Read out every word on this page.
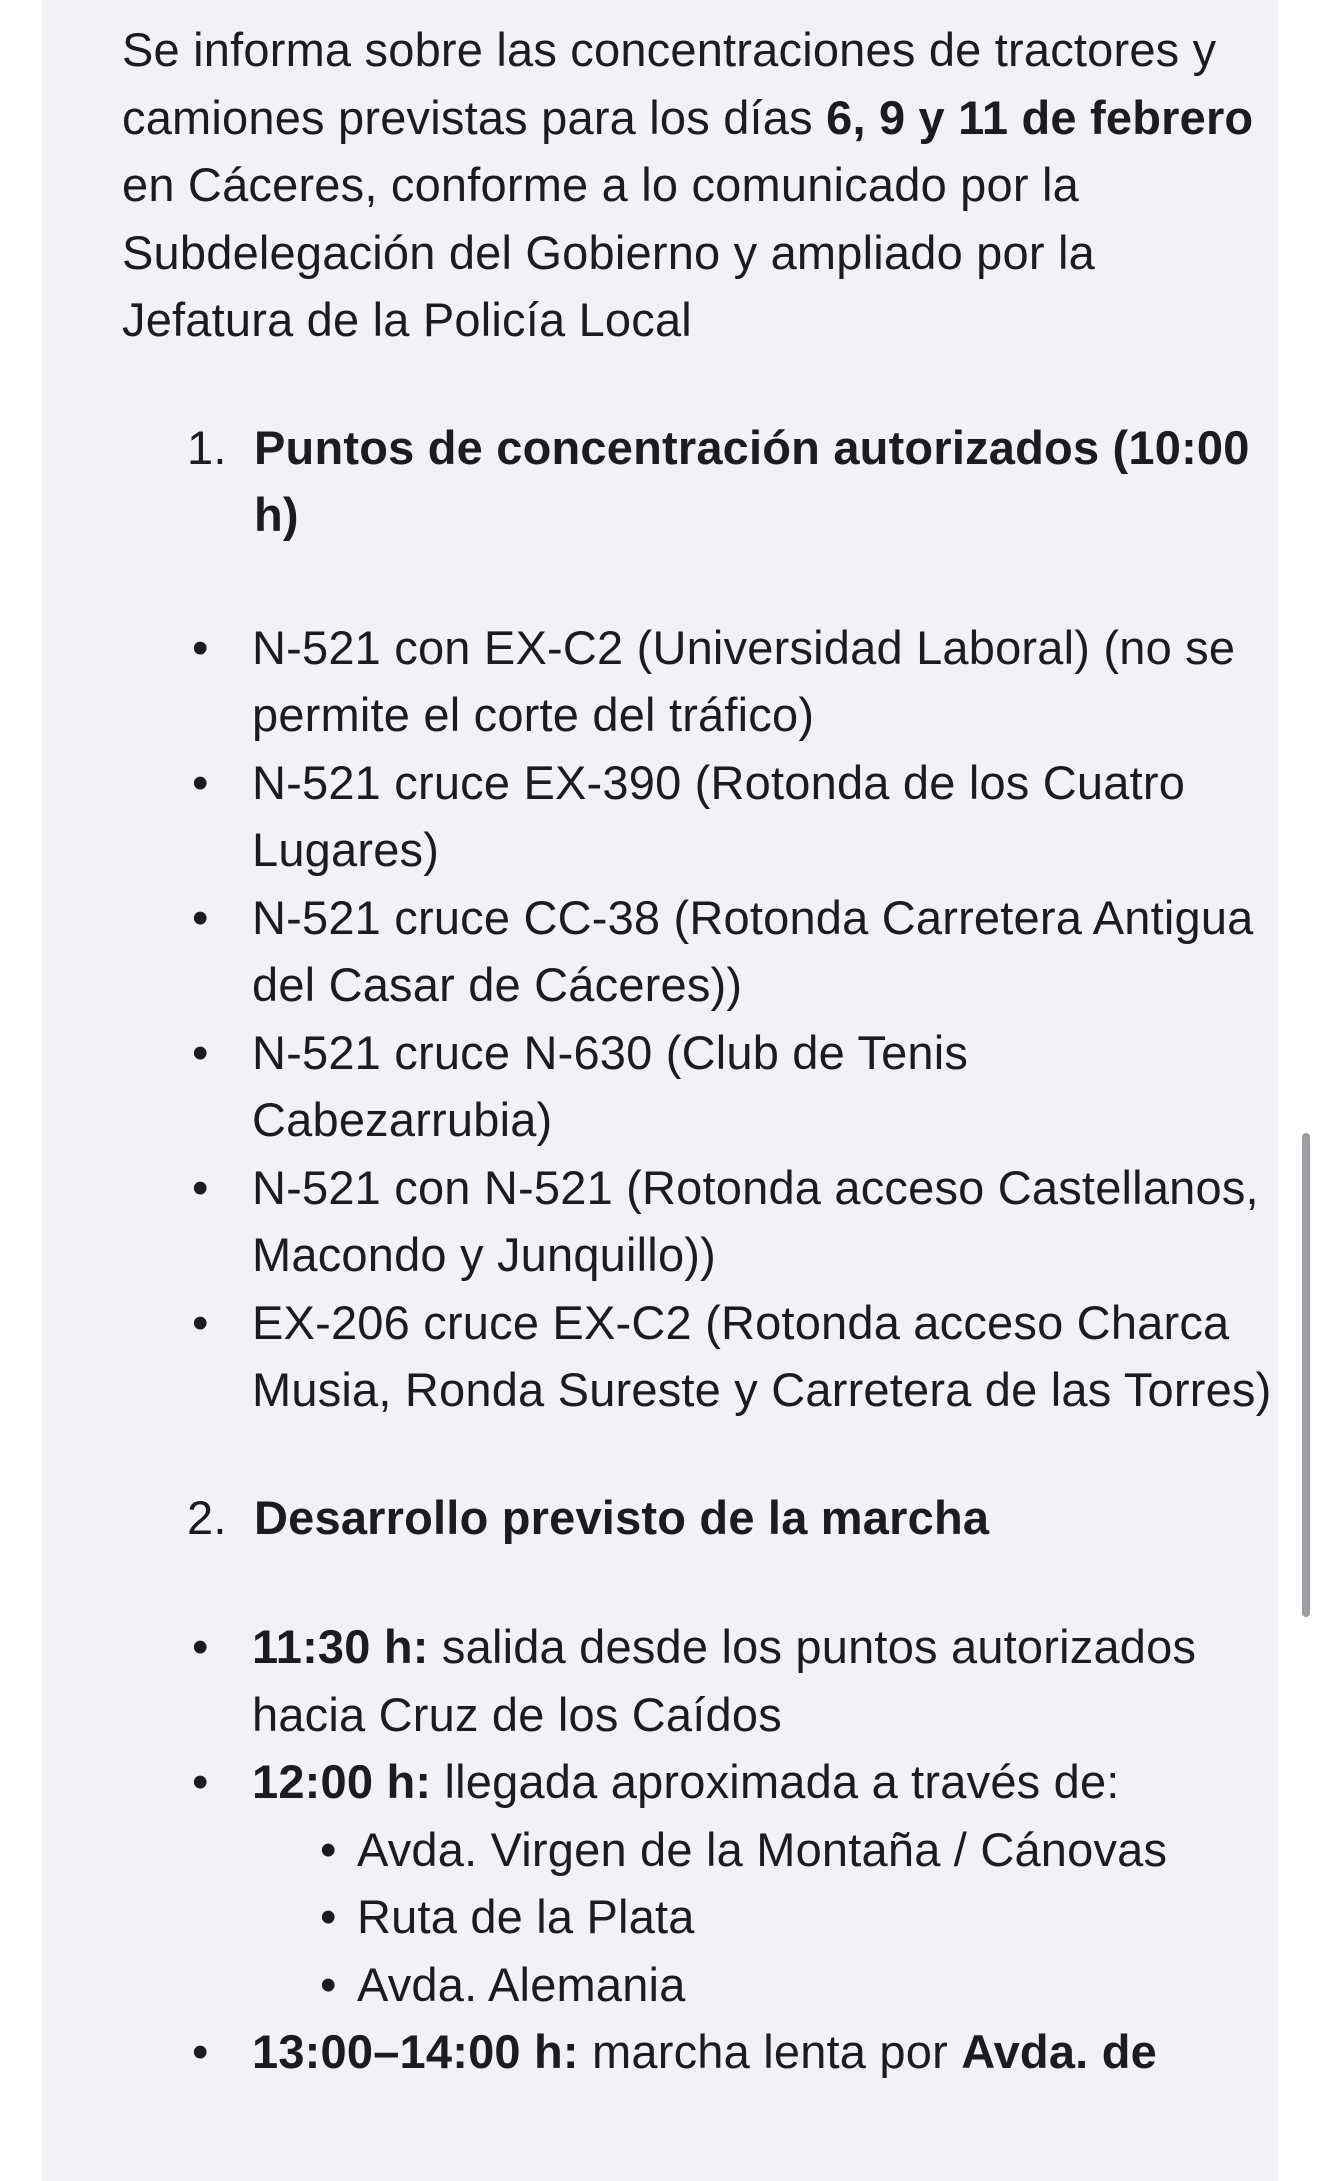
Se informa sobre las concentraciones de tractores y camiones previstas para los días 6, 9 y 11 de febrero en Cáceres, conforme a lo comunicado por la Subdelegación del Gobierno y ampliado por la Jefatura de la Policía Local

1. Puntos de concentración autorizados (10:00 h)
• N-521 con EX-C2 (Universidad Laboral) (no se permite el corte del tráfico)
• N-521 cruce EX-390 (Rotonda de los Cuatro Lugares)
• N-521 cruce CC-38 (Rotonda Carretera Antigua del Casar de Cáceres))
• N-521 cruce N-630 (Club de Tenis Cabezarrubia)
• N-521 con N-521 (Rotonda acceso Castellanos, Macondo y Junquillo))
• EX-206 cruce EX-C2 (Rotonda acceso Charca Musia, Ronda Sureste y Carretera de las Torres)
2. Desarrollo previsto de la marcha
• 11:30 h: salida desde los puntos autorizados hacia Cruz de los Caídos
• 12:00 h: llegada aproximada a través de:
• Avda. Virgen de la Montaña / Cánovas
• Ruta de la Plata
• Avda. Alemania
• 13:00–14:00 h: marcha lenta por Avda. de
